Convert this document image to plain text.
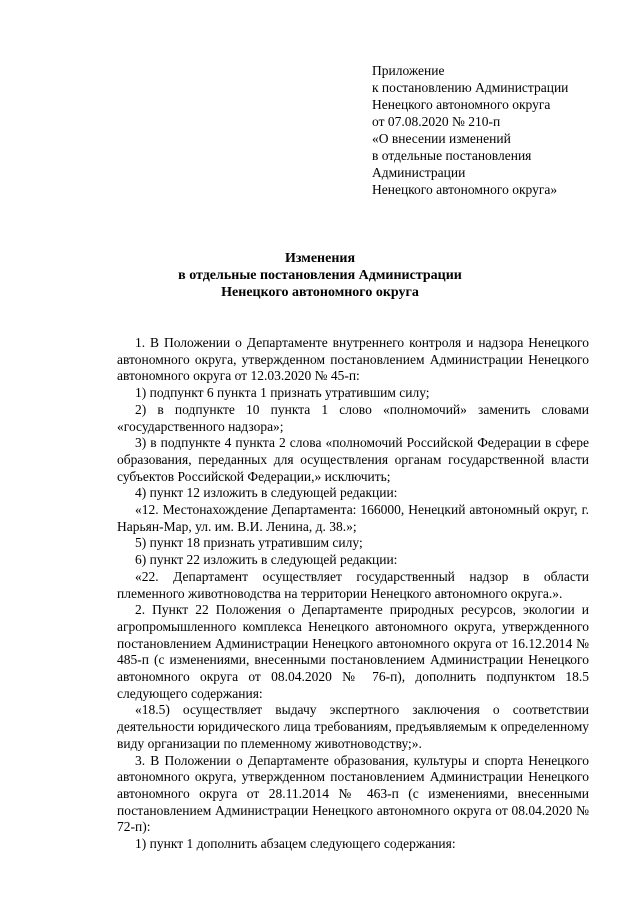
Приложение
к постановлению Администрации
Ненецкого автономного округа
от 07.08.2020 № 210-п
«О внесении изменений
в отдельные постановления
Администрации
Ненецкого автономного округа»
Изменения
в отдельные постановления Администрации
Ненецкого автономного округа

1. В Положении о Департаменте внутреннего контроля и надзора Ненецкого автономного округа, утвержденном постановлением Администрации Ненецкого автономного округа от 12.03.2020 № 45-п:

1) подпункт 6 пункта 1 признать утратившим силу;

2) в подпункте 10 пункта 1 слово «полномочий» заменить словами «государственного надзора»;

3) в подпункте 4 пункта 2 слова «полномочий Российской Федерации в сфере образования, переданных для осуществления органам государственной власти субъектов Российской Федерации,» исключить;

4) пункт 12 изложить в следующей редакции:

«12. Местонахождение Департамента: 166000, Ненецкий автономный округ, г. Нарьян-Мар, ул. им. В.И. Ленина, д. 38.»;

5) пункт 18 признать утратившим силу;

6) пункт 22 изложить в следующей редакции:

«22. Департамент осуществляет государственный надзор в области племенного животноводства на территории Ненецкого автономного округа.».

2. Пункт 22 Положения о Департаменте природных ресурсов, экологии и агропромышленного комплекса Ненецкого автономного округа, утвержденного постановлением Администрации Ненецкого автономного округа от 16.12.2014 № 485-п (с изменениями, внесенными постановлением Администрации Ненецкого автономного округа от 08.04.2020 № 76-п), дополнить подпунктом 18.5 следующего содержания:

«18.5) осуществляет выдачу экспертного заключения о соответствии деятельности юридического лица требованиям, предъявляемым к определенному виду организации по племенному животноводству;».

3. В Положении о Департаменте образования, культуры и спорта Ненецкого автономного округа, утвержденном постановлением Администрации Ненецкого автономного округа от 28.11.2014 № 463-п (с изменениями, внесенными постановлением Администрации Ненецкого автономного округа от 08.04.2020 № 72-п):

1) пункт 1 дополнить абзацем следующего содержания:
